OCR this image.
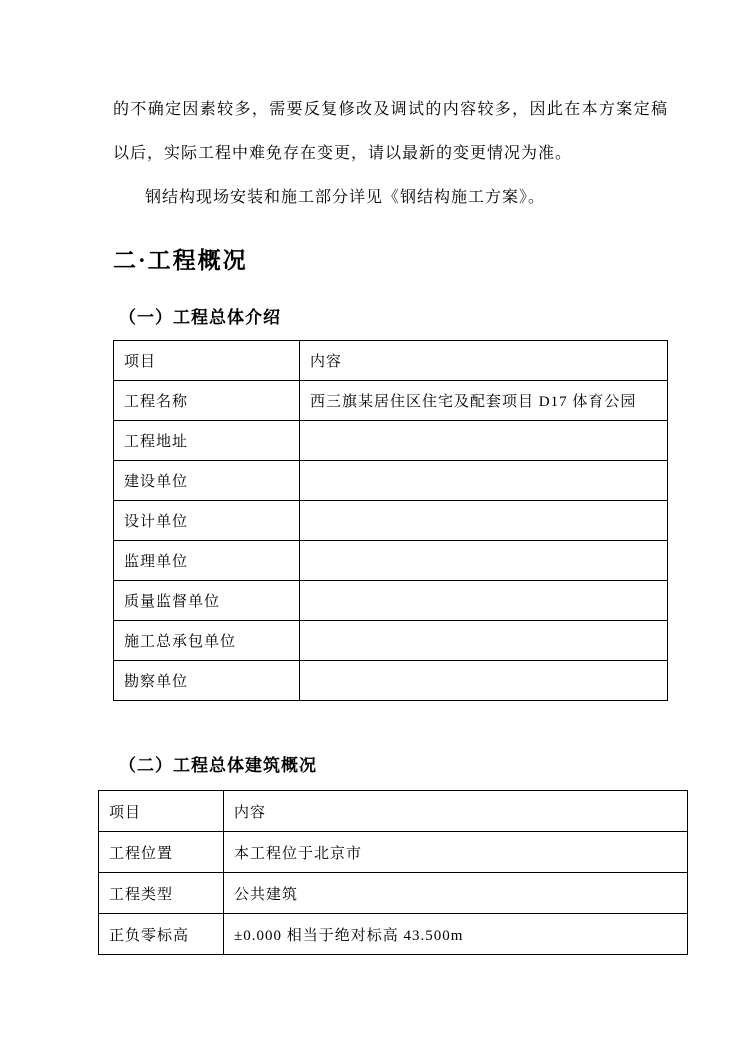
的不确定因素较多，需要反复修改及调试的内容较多，因此在本方案定稿以后，实际工程中难免存在变更，请以最新的变更情况为准。

钢结构现场安装和施工部分详见《钢结构施工方案》。

二·工程概况
（一）工程总体介绍
项目	内容
工程名称	西三旗某居住区住宅及配套项目 D17 体育公园
工程地址	
建设单位	
设计单位	
监理单位	
质量监督单位	
施工总承包单位	
勘察单位	
（二）工程总体建筑概况
项目	内容
工程位置	本工程位于北京市
工程类型	公共建筑
正负零标高	±0.000 相当于绝对标高 43.500m
